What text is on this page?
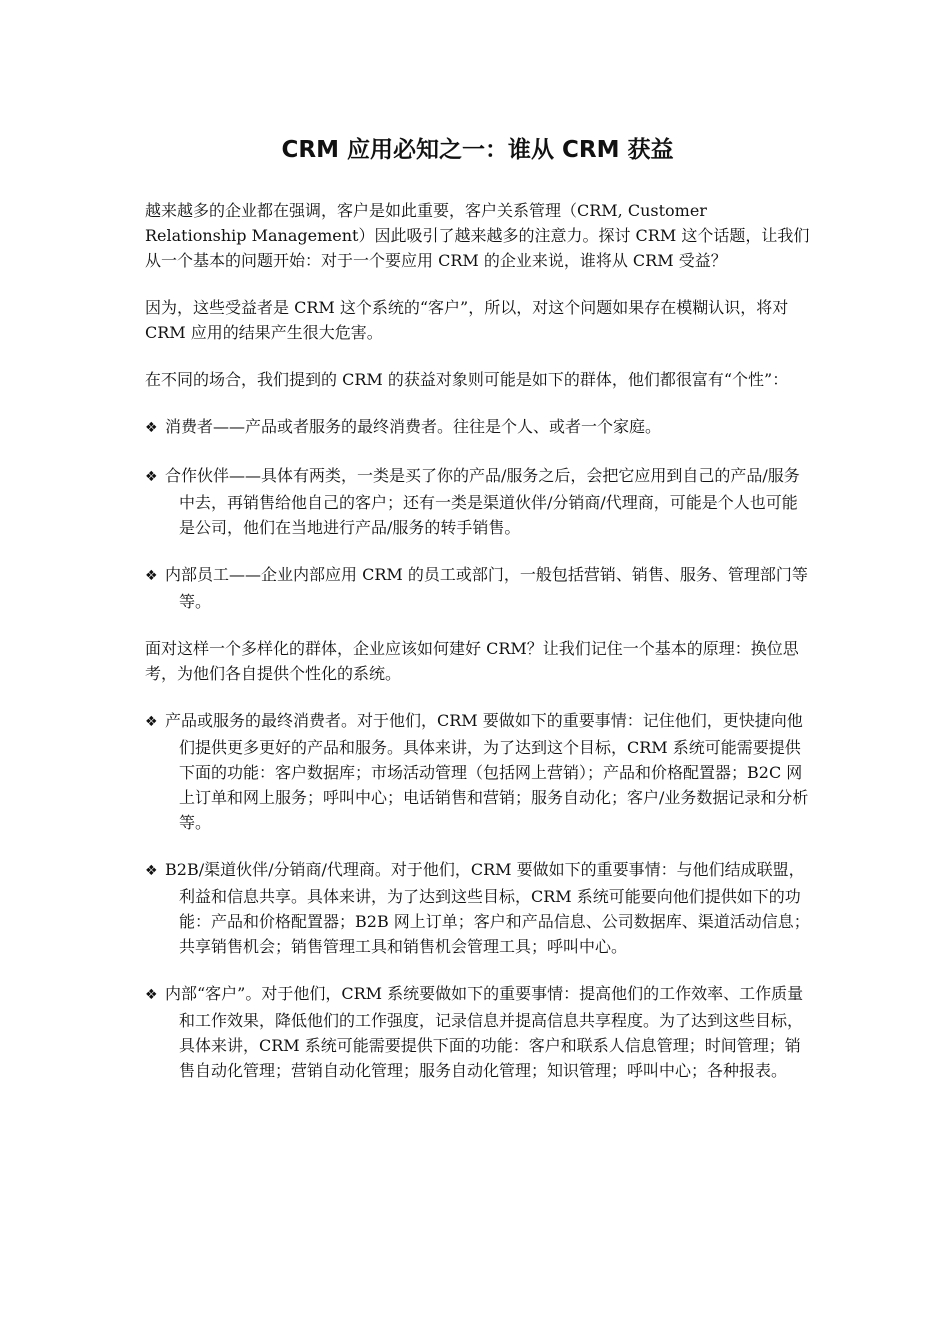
CRM 应用必知之一：谁从 CRM 获益

越来越多的企业都在强调，客户是如此重要，客户关系管理（CRM, Customer Relationship Management）因此吸引了越来越多的注意力。探讨 CRM 这个话题，让我们从一个基本的问题开始：对于一个要应用 CRM 的企业来说，谁将从 CRM 受益？

因为，这些受益者是 CRM 这个系统的“客户”，所以，对这个问题如果存在模糊认识，将对 CRM 应用的结果产生很大危害。

在不同的场合，我们提到的 CRM 的获益对象则可能是如下的群体，他们都很富有“个性”：

❖ 消费者——产品或者服务的最终消费者。往往是个人、或者一个家庭。
❖ 合作伙伴——具体有两类，一类是买了你的产品/服务之后，会把它应用到自己的产品/服务中去，再销售给他自己的客户；还有一类是渠道伙伴/分销商/代理商，可能是个人也可能是公司，他们在当地进行产品/服务的转手销售。
❖ 内部员工——企业内部应用 CRM 的员工或部门，一般包括营销、销售、服务、管理部门等等。

面对这样一个多样化的群体，企业应该如何建好 CRM？让我们记住一个基本的原理：换位思考，为他们各自提供个性化的系统。

❖ 产品或服务的最终消费者。对于他们，CRM 要做如下的重要事情：记住他们，更快捷向他们提供更多更好的产品和服务。具体来讲，为了达到这个目标，CRM 系统可能需要提供下面的功能：客户数据库；市场活动管理（包括网上营销）；产品和价格配置器；B2C 网上订单和网上服务；呼叫中心；电话销售和营销；服务自动化；客户/业务数据记录和分析等。
❖ B2B/渠道伙伴/分销商/代理商。对于他们，CRM 要做如下的重要事情：与他们结成联盟，利益和信息共享。具体来讲，为了达到这些目标，CRM 系统可能要向他们提供如下的功能：产品和价格配置器；B2B 网上订单；客户和产品信息、公司数据库、渠道活动信息；共享销售机会；销售管理工具和销售机会管理工具；呼叫中心。
❖ 内部“客户”。对于他们，CRM 系统要做如下的重要事情：提高他们的工作效率、工作质量和工作效果，降低他们的工作强度，记录信息并提高信息共享程度。为了达到这些目标，具体来讲，CRM 系统可能需要提供下面的功能：客户和联系人信息管理；时间管理；销售自动化管理；营销自动化管理；服务自动化管理；知识管理；呼叫中心；各种报表。
